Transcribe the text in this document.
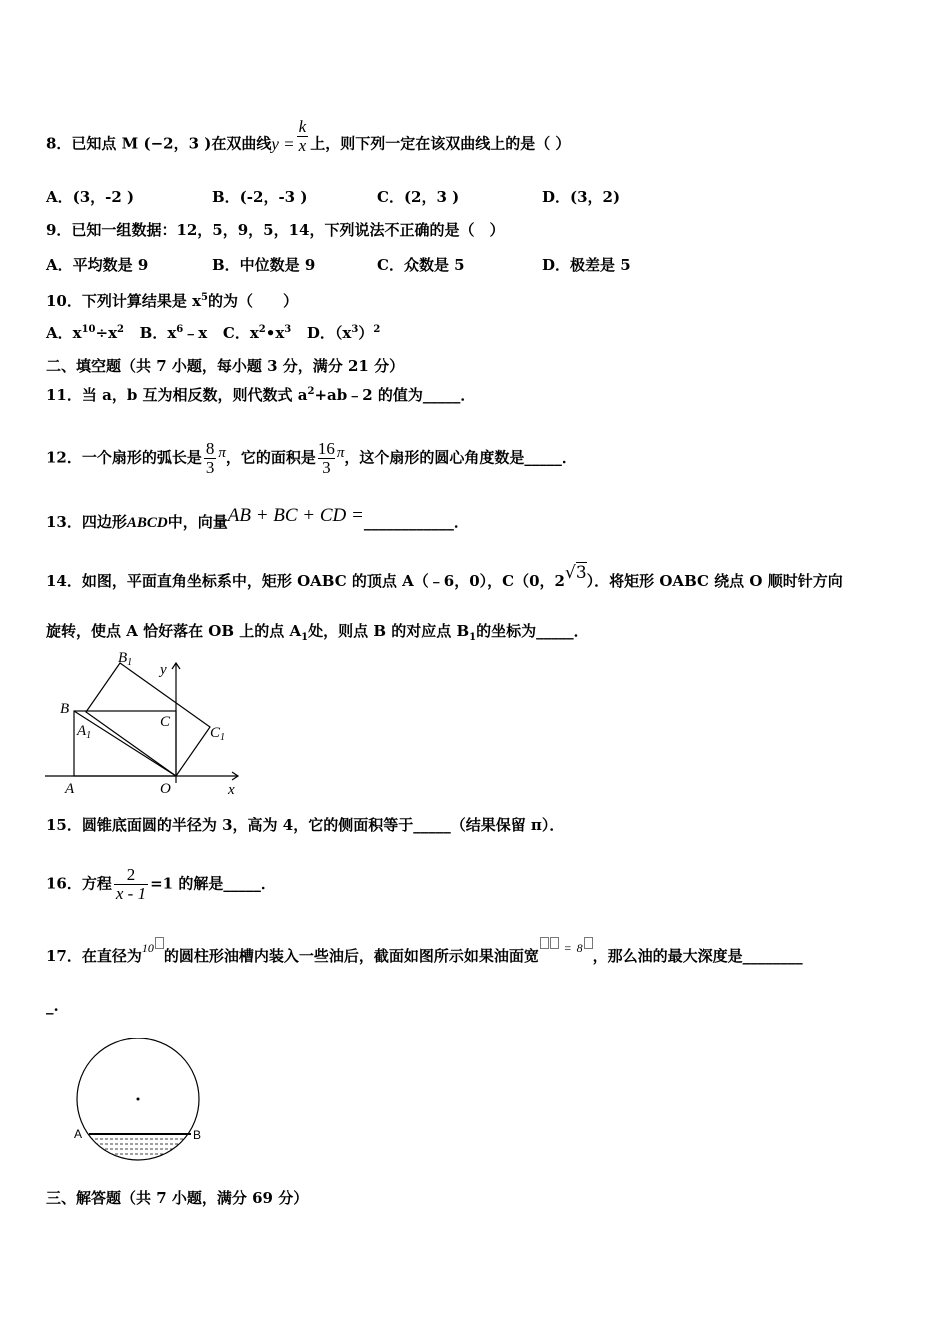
8．已知点 M (−2，3 )在双曲线$y = \frac{k}{x}$ 上，则下列一定在该双曲线上的是（ ）
A．(3，-2 )	B．(-2，-3 )	C．(2，3 )	D．(3，2)
9．已知一组数据：12，5，9，5，14，下列说法不正确的是（　）
A．平均数是 9	B．中位数是 9	C．众数是 5	D．极差是 5
10．下列计算结果是 $x^5$的为（　　）
A．$x^{10}\div x^2$ B．$x^6﹣x$ C．$x^2•x^3$ D．$(x^3)^2$
二、填空题（共 7 小题，每小题 3 分，满分 21 分）
11．当 a，b 互为相反数，则代数式 $a^2+ab﹣2$ 的值为_____．
12．一个扇形的弧长是 $\frac{8}{3}$ π，它的面积是 $\frac{16}{3}$ π，这个扇形的圆心角度数是_____．
13．四边形ABCD中，向量AB + BC + CD =____________．
14．如图，平面直角坐标系中，矩形 OABC 的顶点 A（﹣6，0），C（0，2√3）．将矩形 OABC 绕点 O 顺时针方向
旋转，使点 A 恰好落在 OB 上的点 $A_1$处，则点 B 的对应点 $B_1$的坐标为_____．
$B_1$ y
B
C
$A_1$	$C_1$
A	O	x
15．圆锥底面圆的半径为 3，高为 4，它的侧面积等于_____（结果保留 π）．
16．方程 $\frac{2}{x - 1} =1$ 的解是_____．
17．在直径为$^{10}$ 的圆柱形油槽内装入一些油后，截面如图所示如果油面宽 = 8 ，那么油的最大深度是________
_.
A	B
三、解答题（共 7 小题，满分 69 分）
